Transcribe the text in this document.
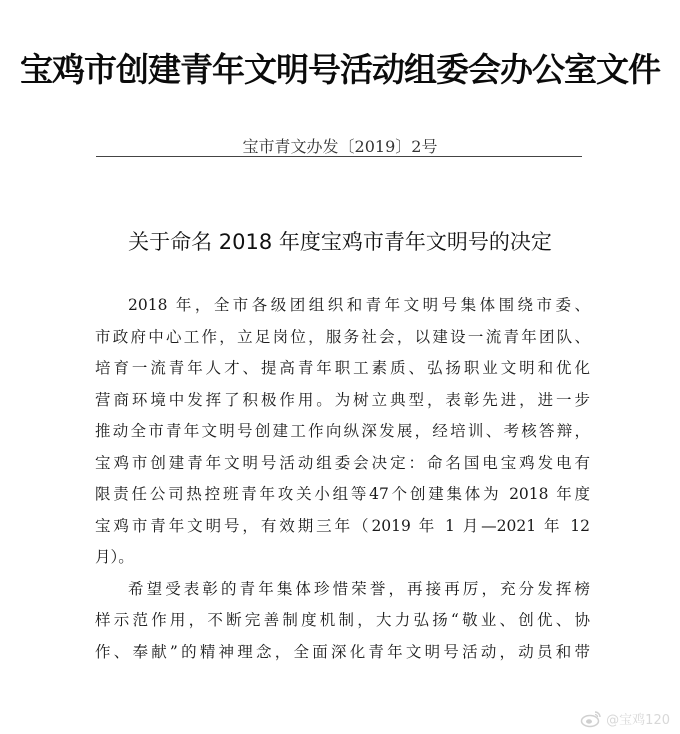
宝鸡市创建青年文明号活动组委会办公室文件
宝市青文办发〔2019〕2号
关于命名 2018 年度宝鸡市青年文明号的决定
2018 年，全市各级团组织和青年文明号集体围绕市委、
市政府中心工作，立足岗位，服务社会，以建设一流青年团队、
培育一流青年人才、提高青年职工素质、弘扬职业文明和优化
营商环境中发挥了积极作用。为树立典型，表彰先进，进一步
推动全市青年文明号创建工作向纵深发展，经培训、考核答辩，
宝鸡市创建青年文明号活动组委会决定：命名国电宝鸡发电有
限责任公司热控班青年攻关小组等47个创建集体为 2018 年度
宝鸡市青年文明号，有效期三年（2019 年 1 月—2021 年 12
月）。
希望受表彰的青年集体珍惜荣誉，再接再厉，充分发挥榜
样示范作用，不断完善制度机制，大力弘扬“敬业、创优、协
作、奉献”的精神理念，全面深化青年文明号活动，动员和带
@宝鸡120
